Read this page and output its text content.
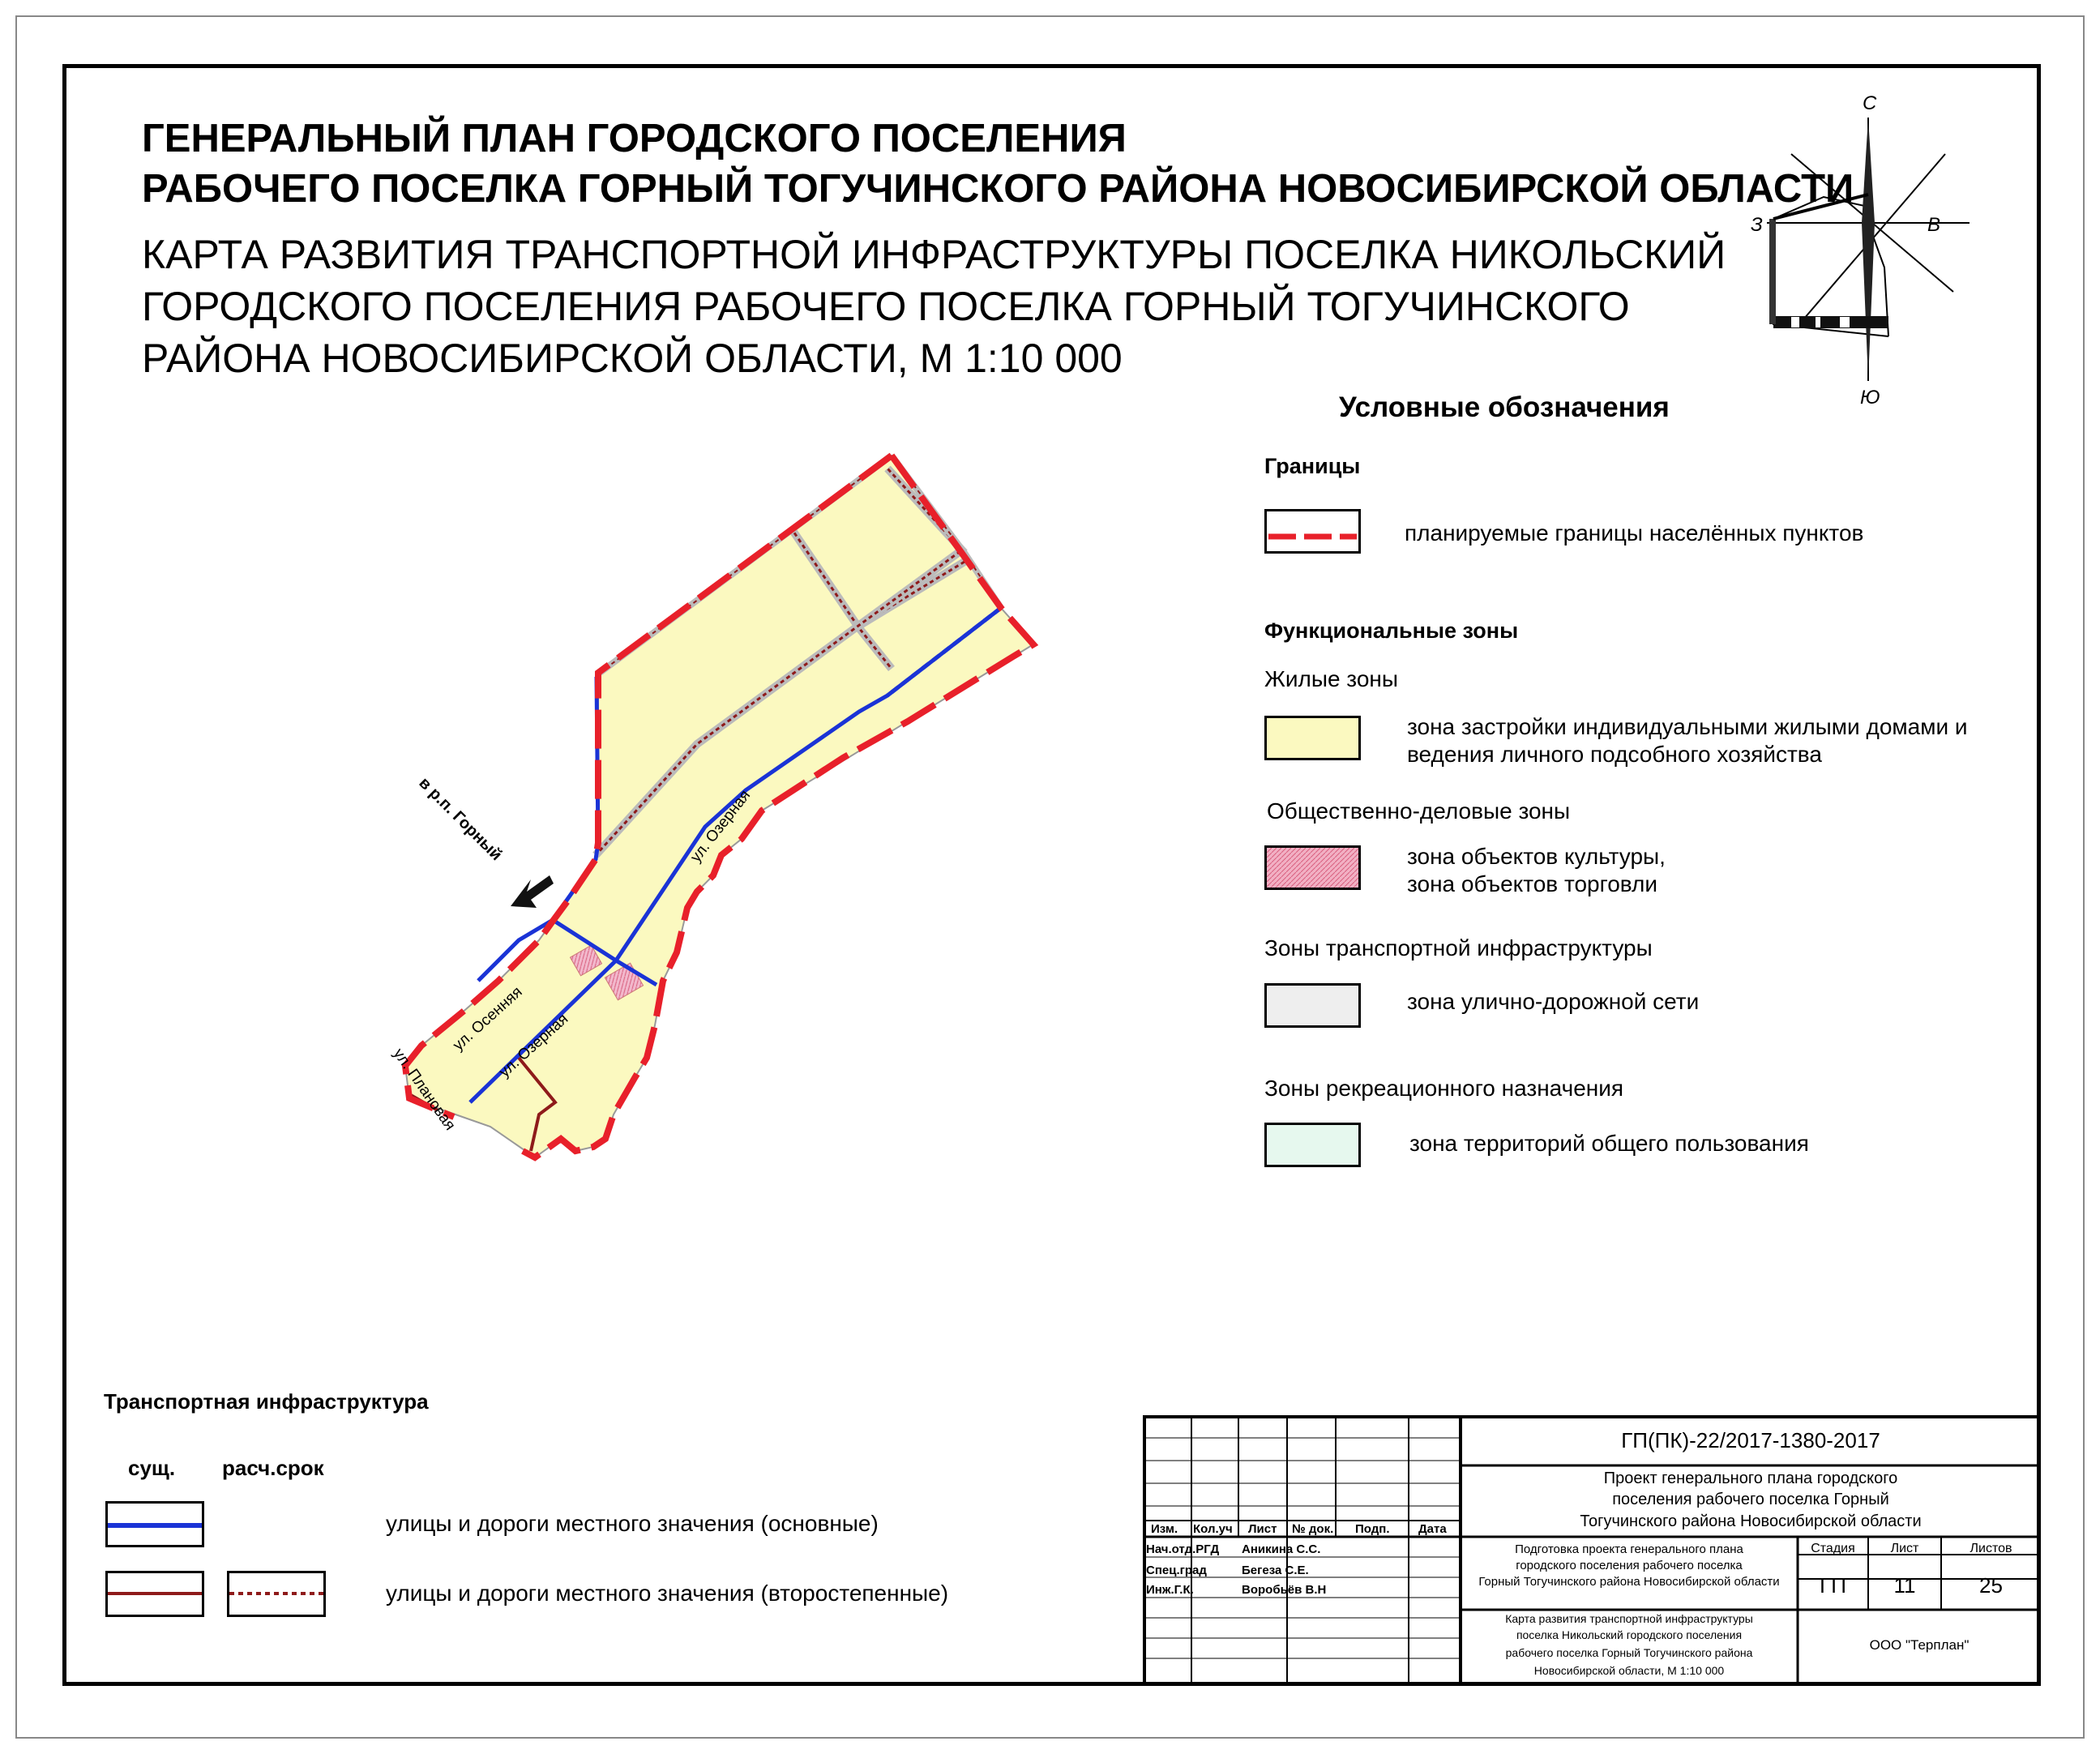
ГЕНЕРАЛЬНЫЙ ПЛАН ГОРОДСКОГО ПОСЕЛЕНИЯ
РАБОЧЕГО ПОСЕЛКА ГОРНЫЙ ТОГУЧИНСКОГО РАЙОНА НОВОСИБИРСКОЙ ОБЛАСТИ
КАРТА РАЗВИТИЯ ТРАНСПОРТНОЙ ИНФРАСТРУКТУРЫ ПОСЕЛКА НИКОЛЬСКИЙ
ГОРОДСКОГО ПОСЕЛЕНИЯ РАБОЧЕГО ПОСЕЛКА ГОРНЫЙ ТОГУЧИНСКОГО
РАЙОНА НОВОСИБИРСКОЙ ОБЛАСТИ, М 1:10 000
С
З	В
Ю
в р.п. Горный	ул. Озерная
ул. Озерная
ул. Осенняя
ул. Плановая
Условные обозначения
Границы
планируемые границы населённых пунктов
Функциональные зоны
Жилые зоны
зона застройки индивидуальными жилыми домами и
ведения личного подсобного хозяйства
Общественно-деловые зоны
зона объектов культуры,
зона объектов торговли
Зоны транспортной инфраструктуры
зона улично-дорожной сети
Зоны рекреационного назначения
зона территорий общего пользования
Транспортная инфраструктура
сущ. расч.срок
улицы и дороги местного значения (основные)
улицы и дороги местного значения (второстепенные)
ГП(ПК)-22/2017-1380-2017
Проект генерального плана городского
поселения рабочего поселка Горный
Тогучинского района Новосибирской области
Изм. Кол.уч Лист № док. Подп. Дата
Нач.отд.РГД Аникина С.С.
Спец.град	Бегеза С.Е.
Инж.Г.К.	Воробьёв В.Н
Подготовка проекта генерального плана
городского поселения рабочего поселка
Горный Тогучинского района Новосибирской области
Стадия	Лист	Листов
ГП	11	25
Карта развития транспортной инфраструктуры
поселка Никольский городского поселения
рабочего поселка Горный Тогучинского района
Новосибирской области, М 1:10 000
ООО "Терплан"
